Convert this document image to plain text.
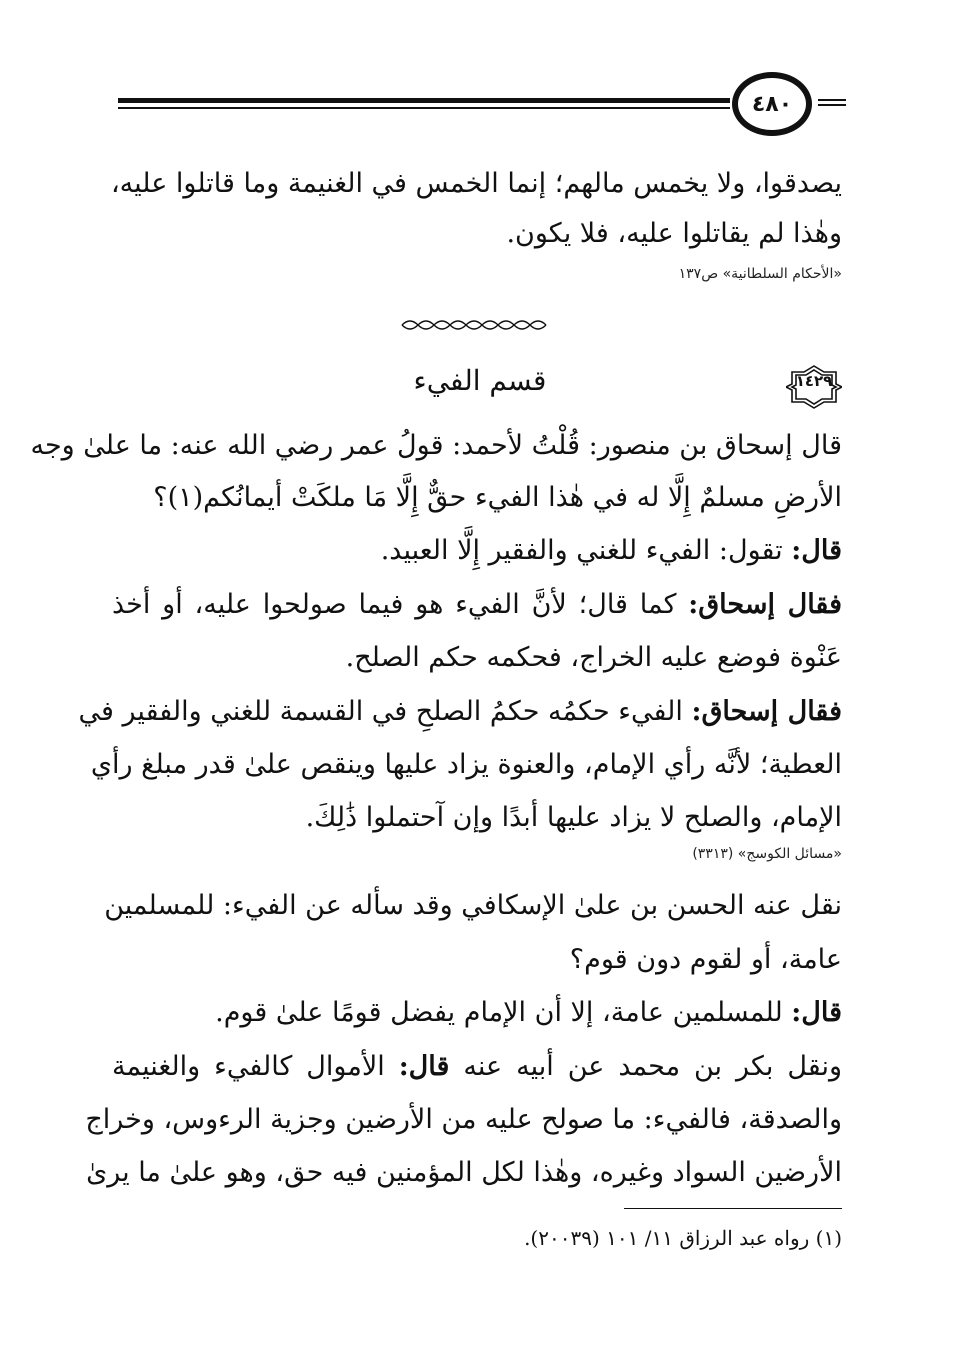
٤٨٠
يصدقوا، ولا يخمس مالهم؛ إنما الخمس في الغنيمة وما قاتلوا عليه،
وهٰذا لم يقاتلوا عليه، فلا يكون.
«الأحكام السلطانية» ص١٣٧
١٤٢٩
قسم الفيء
قال إسحاق بن منصور: قُلْتُ لأحمد: قولُ عمر رضي الله عنه: ما علىٰ وجه
الأرضِ مسلمٌ إِلَّا له في هٰذا الفيء حقٌّ إِلَّا مَا ملكَتْ أيمانُكم(١)؟
قال: تقول: الفيء للغني والفقير إِلَّا العبيد.
فقال إسحاق: كما قال؛ لأنَّ الفيء هو فيما صولحوا عليه، أو أخذ
عَنْوة فوضع عليه الخراج، فحكمه حكم الصلح.
فقال إسحاق: الفيء حكمُه حكمُ الصلحِ في القسمة للغني والفقير في
العطية؛ لأنَّه رأي الإمام، والعنوة يزاد عليها وينقص علىٰ قدر مبلغ رأي
الإمام، والصلح لا يزاد عليها أبدًا وإن آحتملوا ذَٰلِكَ.
«مسائل الكوسج» (٣٣١٣)
نقل عنه الحسن بن علىٰ الإسكافي وقد سأله عن الفيء: للمسلمين
عامة، أو لقوم دون قوم؟
قال: للمسلمين عامة، إلا أن الإمام يفضل قومًا علىٰ قوم.
ونقل بكر بن محمد عن أبيه عنه قال: الأموال كالفيء والغنيمة
والصدقة، فالفيء: ما صولح عليه من الأرضين وجزية الرءوس، وخراج
الأرضين السواد وغيره، وهٰذا لكل المؤمنين فيه حق، وهو علىٰ ما يرىٰ
(١) رواه عبد الرزاق ١١/ ١٠١ (٢٠٠٣٩).
